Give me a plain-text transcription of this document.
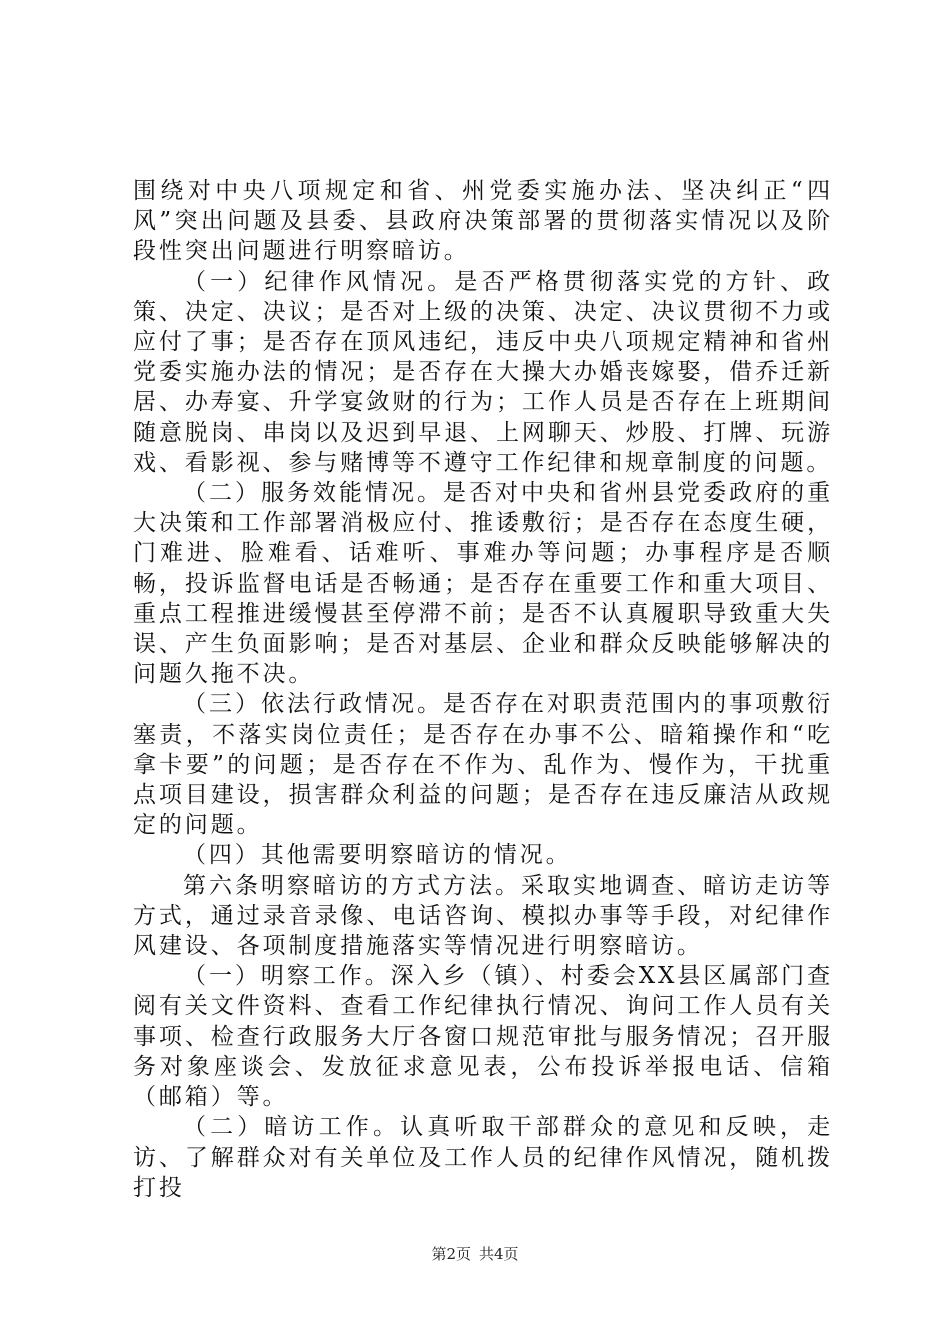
围绕对中央八项规定和省、州党委实施办法、坚决纠正“四风”突出问题及县委、县政府决策部署的贯彻落实情况以及阶段性突出问题进行明察暗访。

（一）纪律作风情况。是否严格贯彻落实党的方针、政策、决定、决议；是否对上级的决策、决定、决议贯彻不力或应付了事；是否存在顶风违纪，违反中央八项规定精神和省州党委实施办法的情况；是否存在大操大办婚丧嫁娶，借乔迁新居、办寿宴、升学宴敛财的行为；工作人员是否存在上班期间随意脱岗、串岗以及迟到早退、上网聊天、炒股、打牌、玩游戏、看影视、参与赌博等不遵守工作纪律和规章制度的问题。

（二）服务效能情况。是否对中央和省州县党委政府的重大决策和工作部署消极应付、推诿敷衍；是否存在态度生硬，门难进、脸难看、话难听、事难办等问题；办事程序是否顺畅，投诉监督电话是否畅通；是否存在重要工作和重大项目、重点工程推进缓慢甚至停滞不前；是否不认真履职导致重大失误、产生负面影响；是否对基层、企业和群众反映能够解决的问题久拖不决。

（三）依法行政情况。是否存在对职责范围内的事项敷衍塞责，不落实岗位责任；是否存在办事不公、暗箱操作和“吃拿卡要”的问题；是否存在不作为、乱作为、慢作为，干扰重点项目建设，损害群众利益的问题；是否存在违反廉洁从政规定的问题。

（四）其他需要明察暗访的情况。

第六条明察暗访的方式方法。采取实地调查、暗访走访等方式，通过录音录像、电话咨询、模拟办事等手段，对纪律作风建设、各项制度措施落实等情况进行明察暗访。

（一）明察工作。深入乡（镇）、村委会XX县区属部门查阅有关文件资料、查看工作纪律执行情况、询问工作人员有关事项、检查行政服务大厅各窗口规范审批与服务情况；召开服务对象座谈会、发放征求意见表，公布投诉举报电话、信箱（邮箱）等。

（二）暗访工作。认真听取干部群众的意见和反映，走访、了解群众对有关单位及工作人员的纪律作风情况，随机拨打投

第2页 共4页
